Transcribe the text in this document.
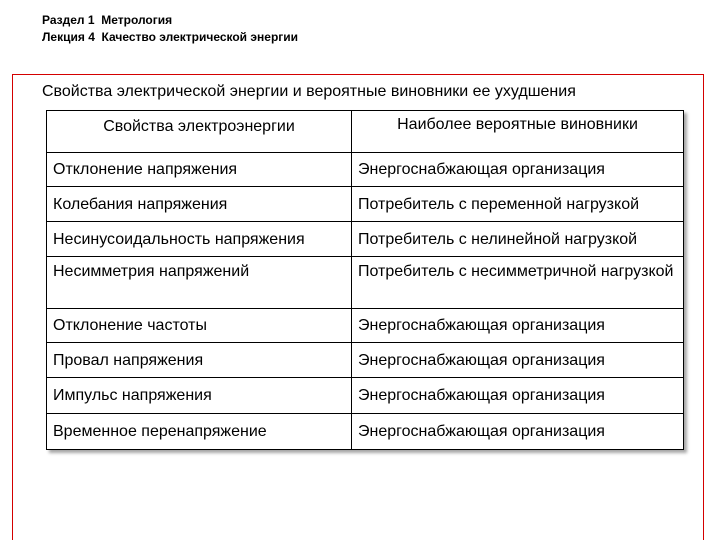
Раздел 1  Метрология
Лекция 4  Качество электрической энергии
Свойства электрической энергии и вероятные виновники ее ухудшения
Свойства электроэнергии	Наиболее вероятные виновники
Отклонение напряжения	Энергоснабжающая организация
Колебания напряжения	Потребитель с переменной нагрузкой
Несинусоидальность напряжения	Потребитель с нелинейной нагрузкой
Несимметрия напряжений	Потребитель с несимметричной нагрузкой
Отклонение частоты	Энергоснабжающая организация
Провал напряжения	Энергоснабжающая организация
Импульс напряжения	Энергоснабжающая организация
Временное перенапряжение	Энергоснабжающая организация
